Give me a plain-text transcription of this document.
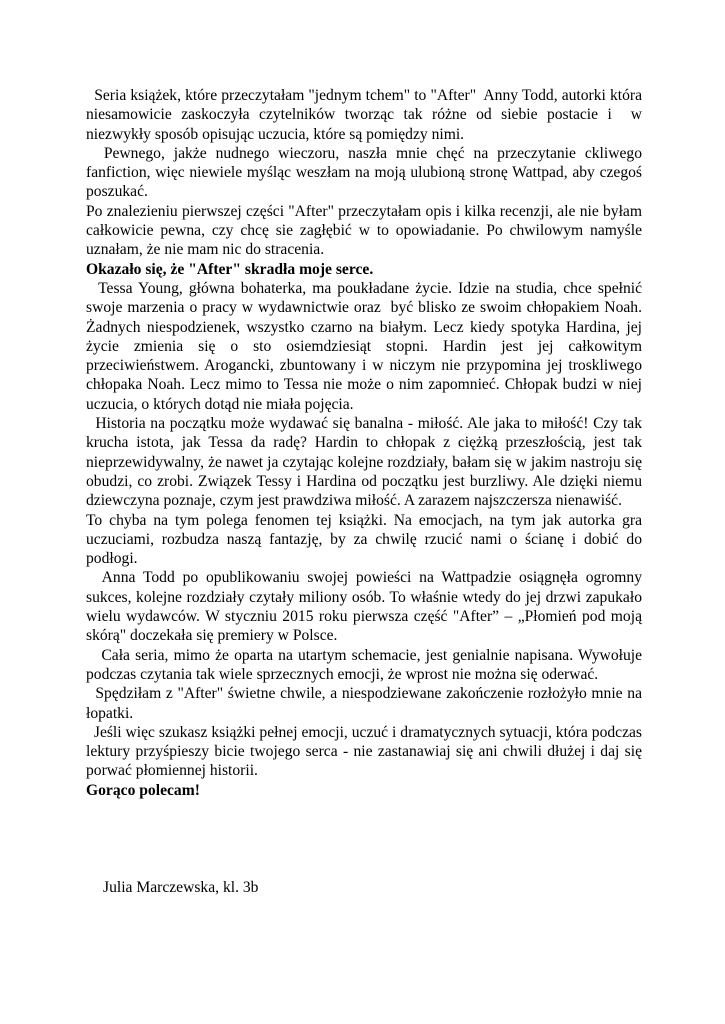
Seria książek, które przeczytałam "jednym tchem" to "After"  Anny Todd, autorki która niesamowicie zaskoczyła czytelników tworząc tak różne od siebie postacie i  w niezwykły sposób opisując uczucia, które są pomiędzy nimi.

Pewnego, jakże nudnego wieczoru, naszła mnie chęć na przeczytanie ckliwego fanfiction, więc niewiele myśląc weszłam na moją ulubioną stronę Wattpad, aby czegoś poszukać.

Po znalezieniu pierwszej części "After" przeczytałam opis i kilka recenzji, ale nie byłam całkowicie pewna, czy chcę sie zagłębić w to opowiadanie. Po chwilowym namyśle uznałam, że nie mam nic do stracenia.

Okazało się, że "After" skradła moje serce.

Tessa Young, główna bohaterka, ma poukładane życie. Idzie na studia, chce spełnić swoje marzenia o pracy w wydawnictwie oraz  być blisko ze swoim chłopakiem Noah. Żadnych niespodzienek, wszystko czarno na białym. Lecz kiedy spotyka Hardina, jej życie zmienia się o sto osiemdziesiąt stopni. Hardin jest jej całkowitym przeciwieństwem. Arogancki, zbuntowany i w niczym nie przypomina jej troskliwego chłopaka Noah. Lecz mimo to Tessa nie może o nim zapomnieć. Chłopak budzi w niej uczucia, o których dotąd nie miała pojęcia.

Historia na początku może wydawać się banalna - miłość. Ale jaka to miłość! Czy tak krucha istota, jak Tessa da radę? Hardin to chłopak z ciężką przeszłością, jest tak nieprzewidywalny, że nawet ja czytając kolejne rozdziały, bałam się w jakim nastroju się obudzi, co zrobi. Związek Tessy i Hardina od początku jest burzliwy. Ale dzięki niemu dziewczyna poznaje, czym jest prawdziwa miłość. A zarazem najszczersza nienawiść.

To chyba na tym polega fenomen tej książki. Na emocjach, na tym jak autorka gra uczuciami, rozbudza naszą fantazję, by za chwilę rzucić nami o ścianę i dobić do podłogi.

Anna Todd po opublikowaniu swojej powieści na Wattpadzie osiągnęła ogromny sukces, kolejne rozdziały czytały miliony osób. To właśnie wtedy do jej drzwi zapukało wielu wydawców. W styczniu 2015 roku pierwsza część "After” – „Płomień pod moją skórą" doczekała się premiery w Polsce.

Cała seria, mimo że oparta na utartym schemacie, jest genialnie napisana. Wywołuje podczas czytania tak wiele sprzecznych emocji, że wprost nie można się oderwać.

Spędziłam z "After" świetne chwile, a niespodziewane zakończenie rozłożyło mnie na łopatki.

Jeśli więc szukasz książki pełnej emocji, uczuć i dramatycznych sytuacji, która podczas lektury przyśpieszy bicie twojego serca - nie zastanawiaj się ani chwili dłużej i daj się porwać płomiennej historii.

Gorąco polecam!

Julia Marczewska, kl. 3b
